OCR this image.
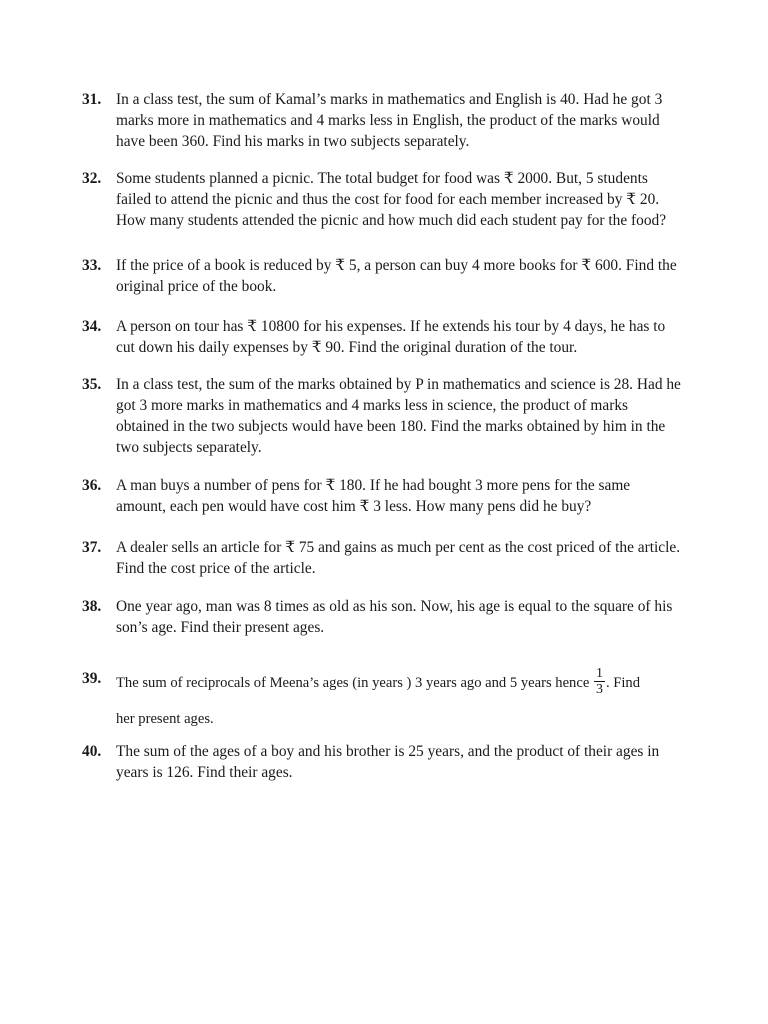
31. In a class test, the sum of Kamal’s marks in mathematics and English is 40. Had he got 3
marks more in mathematics and 4 marks less in English, the product of the marks would
have been 360. Find his marks in two subjects separately.
32. Some students planned a picnic. The total budget for food was ₹ 2000. But, 5 students
failed to attend the picnic and thus the cost for food for each member increased by ₹ 20.
How many students attended the picnic and how much did each student pay for the food?
33. If the price of a book is reduced by ₹ 5, a person can buy 4 more books for ₹ 600. Find the
original price of the book.
34. A person on tour has ₹ 10800 for his expenses. If he extends his tour by 4 days, he has to
cut down his daily expenses by ₹ 90. Find the original duration of the tour.
35. In a class test, the sum of the marks obtained by P in mathematics and science is 28. Had he
got 3 more marks in mathematics and 4 marks less in science, the product of marks
obtained in the two subjects would have been 180. Find the marks obtained by him in the
two subjects separately.
36. A man buys a number of pens for ₹ 180. If he had bought 3 more pens for the same
amount, each pen would have cost him ₹ 3 less. How many pens did he buy?
37. A dealer sells an article for ₹ 75 and gains as much per cent as the cost priced of the article.
Find the cost price of the article.
38. One year ago, man was 8 times as old as his son. Now, his age is equal to the square of his
son’s age. Find their present ages.
39. The sum of reciprocals of Meena’s ages (in years ) 3 years ago and 5 years hence $\frac{1}{3}$ . Find
her present ages.
40. The sum of the ages of a boy and his brother is 25 years, and the product of their ages in
years is 126. Find their ages.
